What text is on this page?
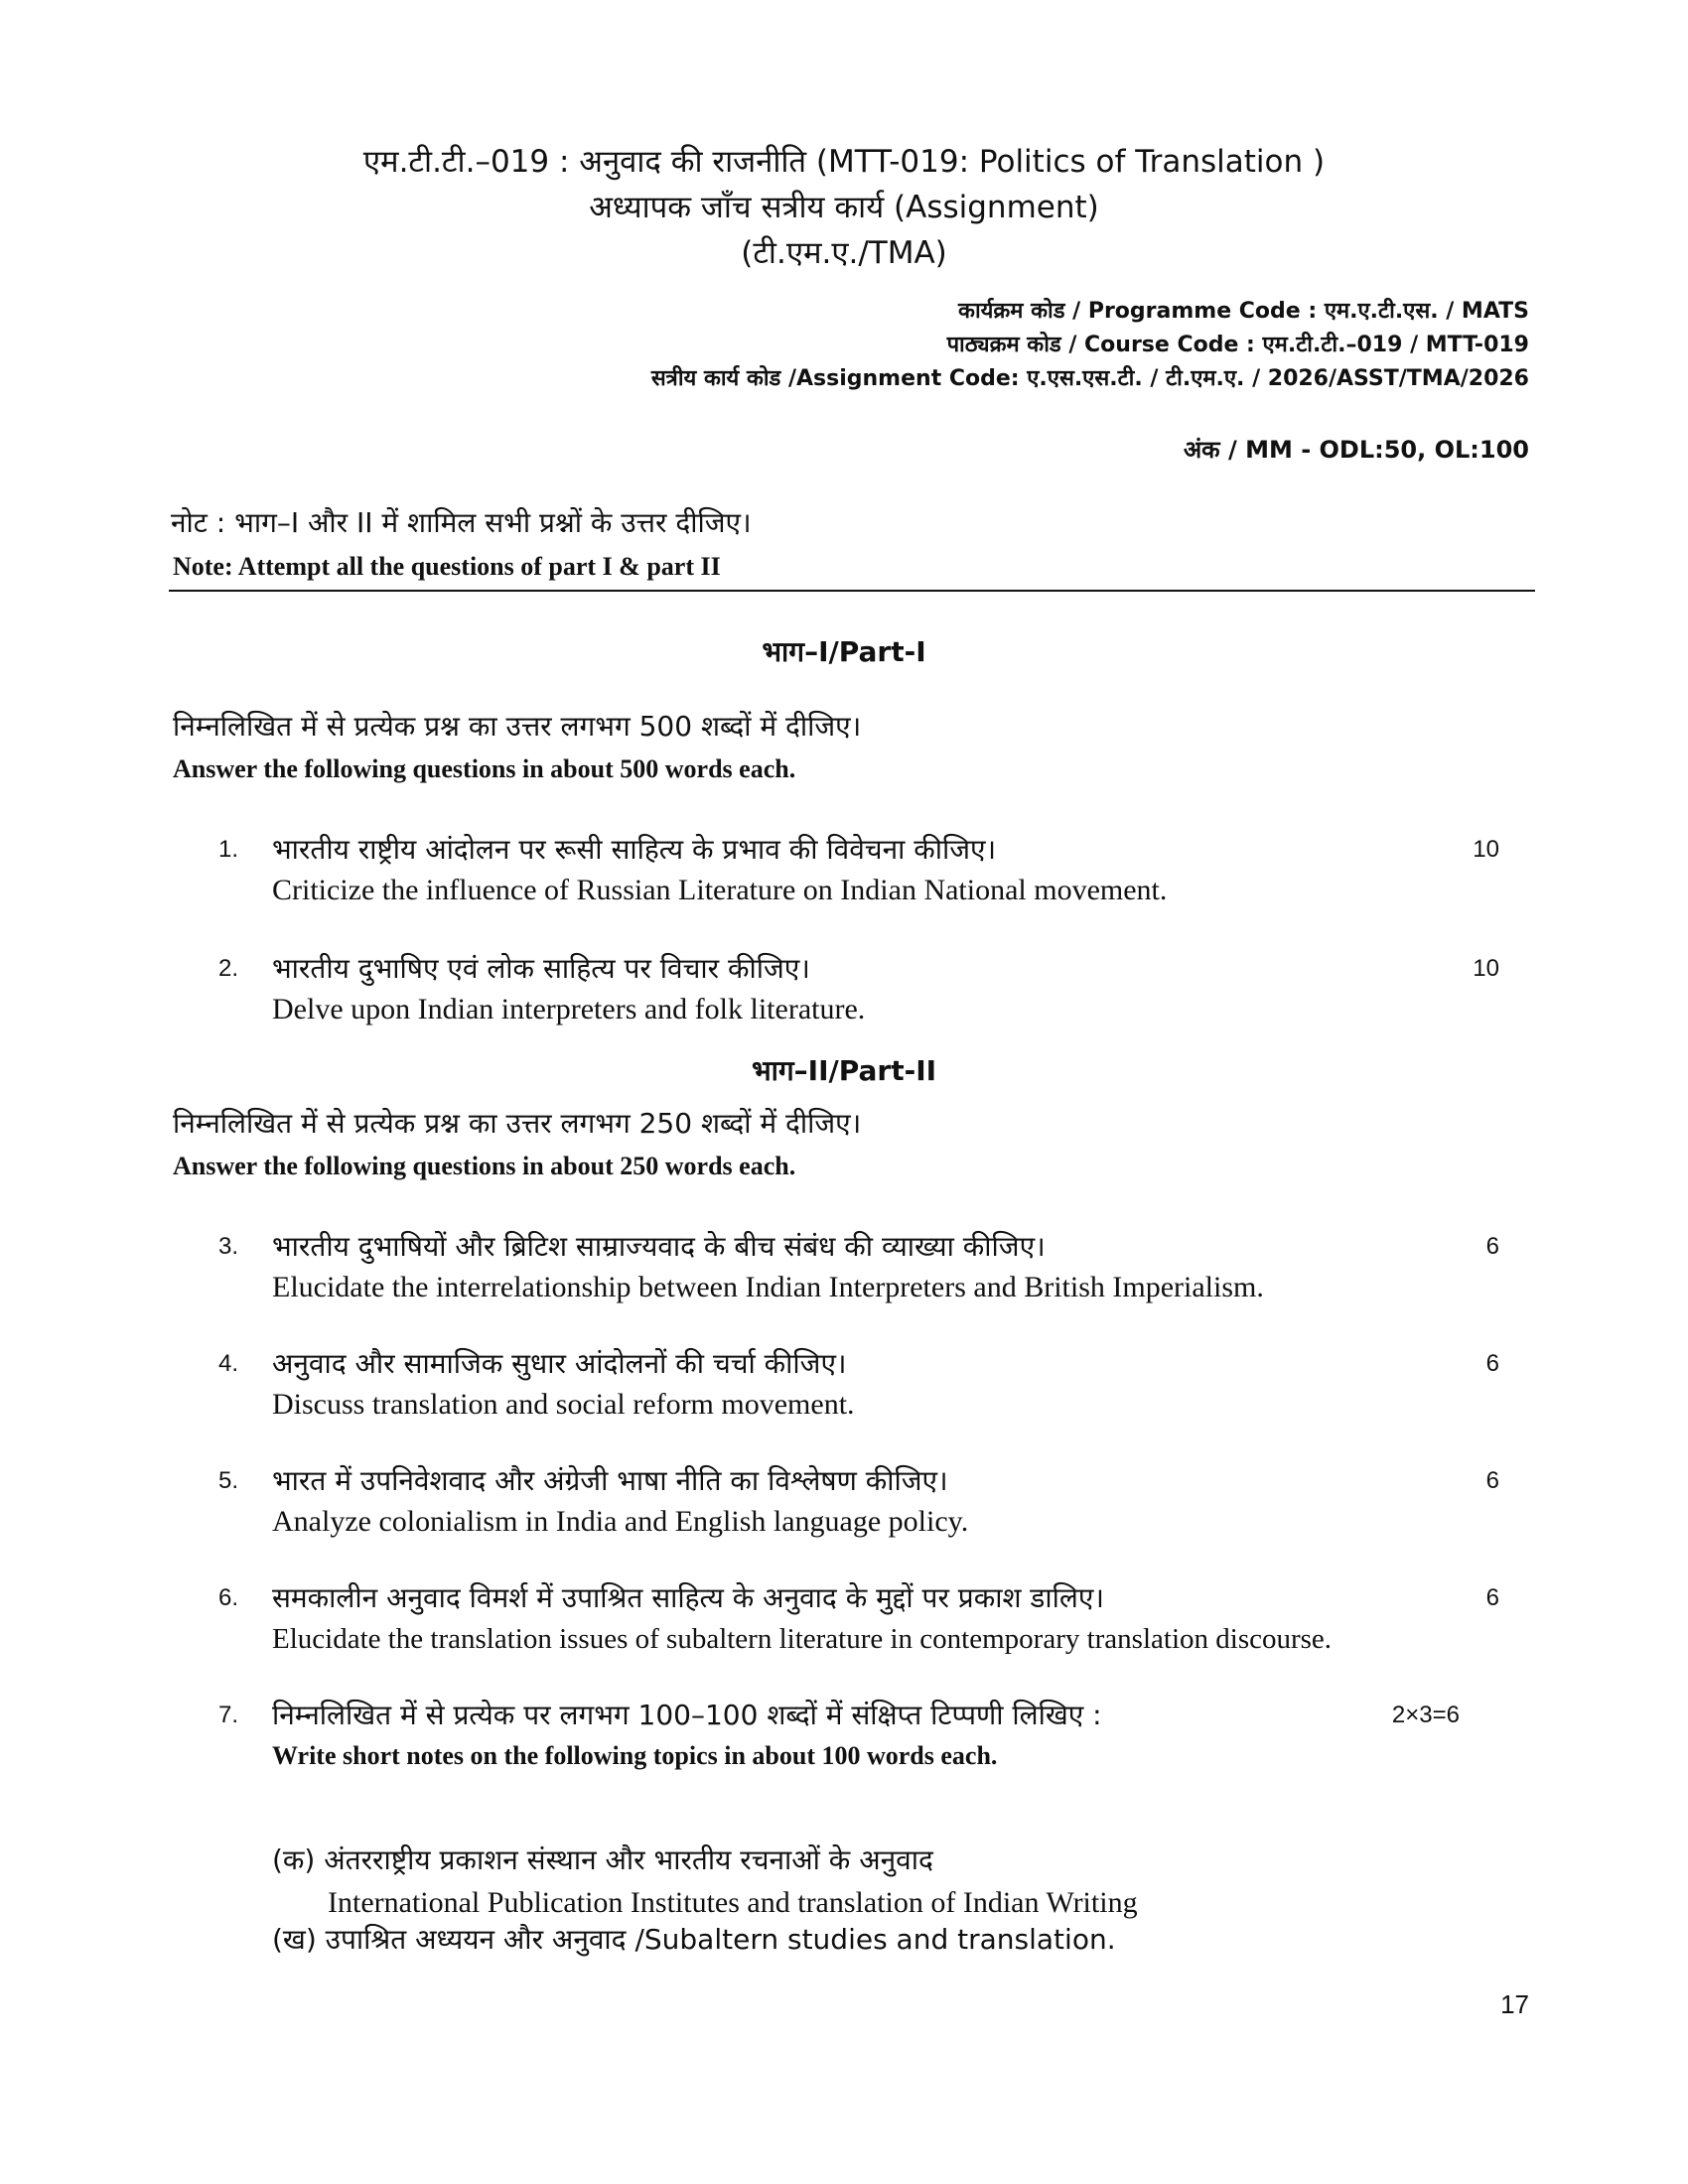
एम.टी.टी.–019 : अनुवाद की राजनीति (MTT-019: Politics of Translation )

अध्यापक जाँच सत्रीय कार्य (Assignment)

(टी.एम.ए./TMA)

कार्यक्रम कोड / Programme Code : एम.ए.टी.एस. / MATS

पाठ्यक्रम कोड / Course Code : एम.टी.टी.–019 / MTT-019

सत्रीय कार्य कोड /Assignment Code: ए.एस.एस.टी. / टी.एम.ए. / 2026/ASST/TMA/2026

अंक / MM - ODL:50, OL:100

नोट : भाग–I और II में शामिल सभी प्रश्नों के उत्तर दीजिए।

Note: Attempt all the questions of part I & part II

भाग–I/Part-I

निम्नलिखित में से प्रत्येक प्रश्न का उत्तर लगभग 500 शब्दों में दीजिए।

Answer the following questions in about 500 words each.

1. भारतीय राष्ट्रीय आंदोलन पर रूसी साहित्य के प्रभाव की विवेचना कीजिए।
Criticize the influence of Russian Literature on Indian National movement.
10
2. भारतीय दुभाषिए एवं लोक साहित्य पर विचार कीजिए।
Delve upon Indian interpreters and folk literature.
10

भाग–II/Part-II

निम्नलिखित में से प्रत्येक प्रश्न का उत्तर लगभग 250 शब्दों में दीजिए।

Answer the following questions in about 250 words each.

3. भारतीय दुभाषियों और ब्रिटिश साम्राज्यवाद के बीच संबंध की व्याख्या कीजिए।
Elucidate the interrelationship between Indian Interpreters and British Imperialism.
6
4. अनुवाद और सामाजिक सुधार आंदोलनों की चर्चा कीजिए।
Discuss translation and social reform movement.
6
5. भारत में उपनिवेशवाद और अंग्रेजी भाषा नीति का विश्लेषण कीजिए।
Analyze colonialism in India and English language policy.
6
6. समकालीन अनुवाद विमर्श में उपाश्रित साहित्य के अनुवाद के मुद्दों पर प्रकाश डालिए।
Elucidate the translation issues of subaltern literature in contemporary translation discourse.
6
7. निम्नलिखित में से प्रत्येक पर लगभग 100–100 शब्दों में संक्षिप्त टिप्पणी लिखिए :
Write short notes on the following topics in about 100 words each.
2×3=6

(क) अंतरराष्ट्रीय प्रकाशन संस्थान और भारतीय रचनाओं के अनुवाद

International Publication Institutes and translation of Indian Writing

(ख) उपाश्रित अध्ययन और अनुवाद /Subaltern studies and translation.

17
